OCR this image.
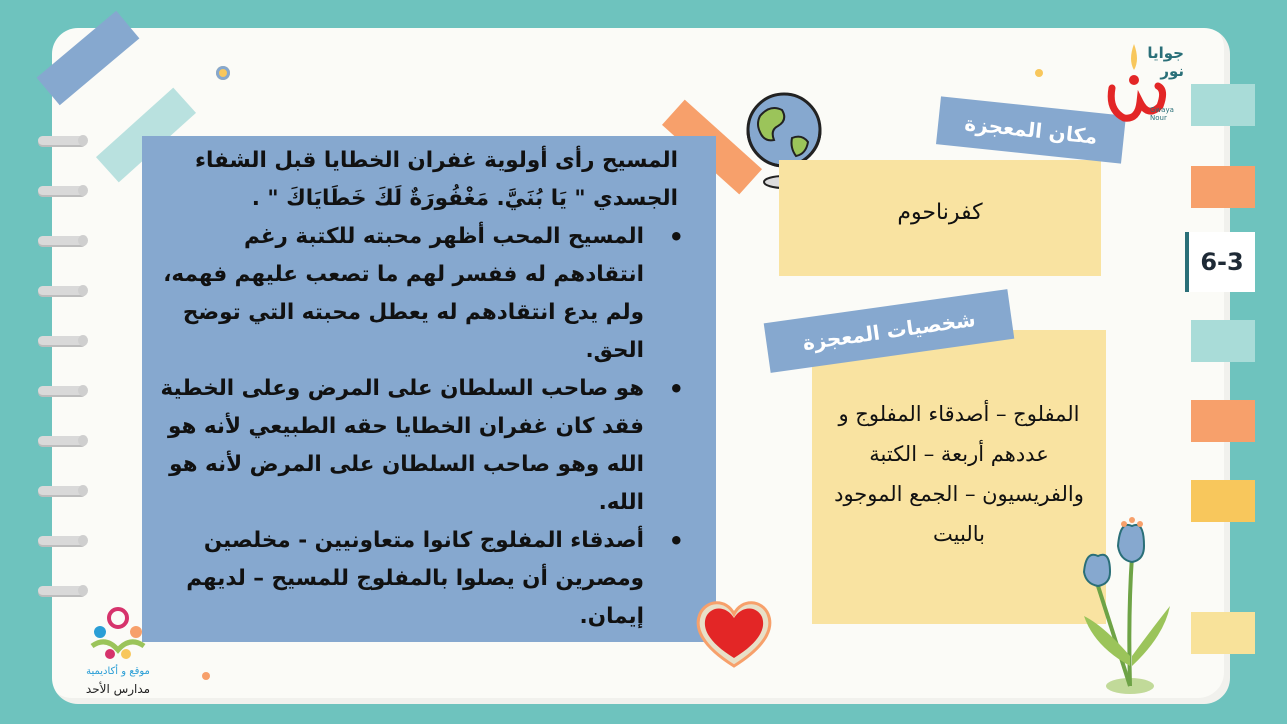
6-3
المسيح رأى أولوية غفران الخطايا قبل الشفاء الجسدي " يَا بُنَيَّ. مَغْفُورَةٌ لَكَ خَطَايَاكَ " .
• المسيح المحب أظهر محبته للكتبة رغم انتقادهم له ففسر لهم ما تصعب عليهم فهمه، ولم يدع انتقادهم له يعطل محبته التي توضح الحق.
• هو صاحب السلطان على المرض وعلى الخطية فقد كان غفران الخطايا حقه الطبيعي لأنه هو الله وهو صاحب السلطان على المرض لأنه هو الله.
• أصدقاء المفلوج كانوا متعاونيين - مخلصين ومصرين أن يصلوا بالمفلوج للمسيح – لديهم إيمان.
كفرناحوم
مكان المعجزة
المفلوج – أصدقاء المفلوج و عددهم أربعة – الكتبة والفريسيون – الجمع الموجود بالبيت
شخصيات المعجزة
جوايا نور
Gwaya Nour
موقع و أكاديمية
مدارس الأحد
